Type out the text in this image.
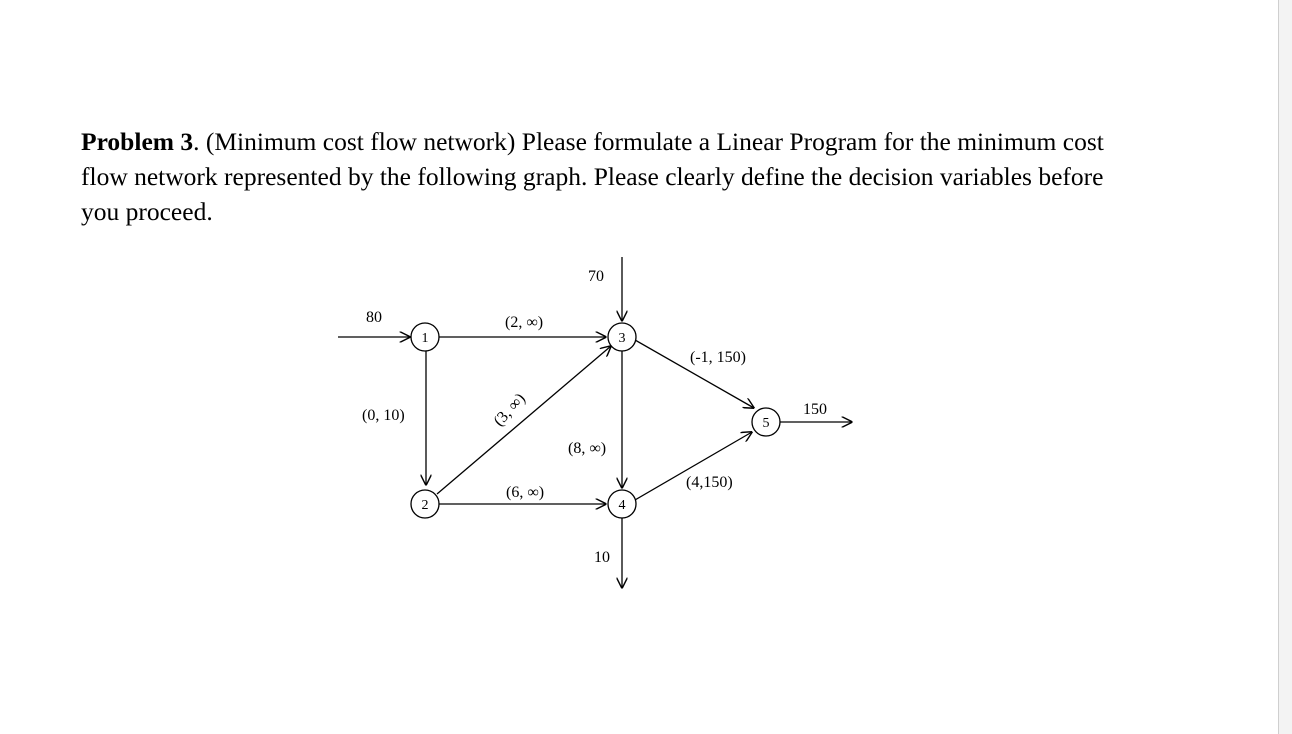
Problem 3. (Minimum cost flow network) Please formulate a Linear Program for the minimum cost flow network represented by the following graph. Please clearly define the decision variables before you proceed.

1
2
3
4
5
(2, ∞)
(0, 10)	(3, ∞)
(6, ∞)
(8, ∞)
(-1, 150)
(4,150)
80
70
10
150
